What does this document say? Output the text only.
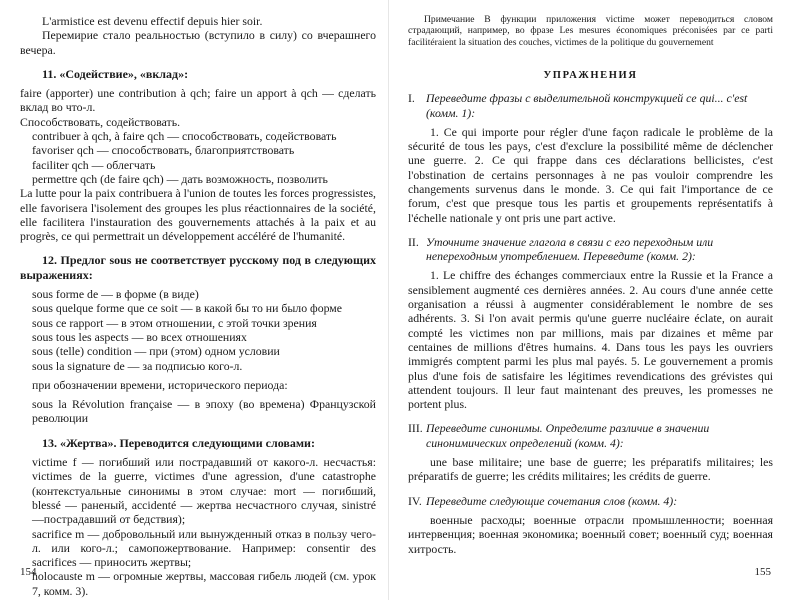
L'armistice est devenu effectif depuis hier soir.

Перемирие стало реальностью (вступило в силу) со вчерашнего вечера.

11. «Содействие», «вклад»:

faire (apporter) une contribution à qch; faire un apport à qch — сделать вклад во что-л.

Способствовать, содействовать.

contribuer à qch, à faire qch — способствовать, содействовать

favoriser qch — способствовать, благоприятствовать

faciliter qch — облегчать

permettre qch (de faire qch) — дать возможность, позволить

La lutte pour la paix contribuera à l'union de toutes les forces progressistes, elle favorisera l'isolement des groupes les plus réactionnaires de la société, elle facilitera l'instauration des gouvernements attachés à la paix et au progrès, ce qui permettrait un développement accéléré de l'humanité.

12. Предлог sous не соответствует русскому под в следующих выражениях:

sous forme de — в форме (в виде)

sous quelque forme que ce soit — в какой бы то ни было форме

sous ce rapport — в этом отношении, с этой точки зрения

sous tous les aspects — во всех отношениях

sous (telle) condition — при (этом) одном условии

sous la signature de — за подписью кого-л.

при обозначении времени, исторического периода:

sous la Révolution française — в эпоху (во времена) Французской революции

13. «Жертва». Переводится следующими словами:

victime f — погибший или пострадавший от какого-л. несчастья: victimes de la guerre, victimes d'une agression, d'une catastrophe (контекстуальные синонимы в этом случае: mort — погибший, blessé — раненый, accidenté — жертва несчастного случая, sinistré —пострадавший от бедствия);

sacrifice m — добровольный или вынужденный отказ в пользу чего-л. или кого-л.; самопожертвование. Например: consentir des sacrifices — приносить жертвы;

holocauste m — огромные жертвы, массовая гибель людей (см. урок 7, комм. 3).

154

Примечание В функции приложения victime может переводиться словом страдающий, например, во фразе Les mesures économiques préconisées par ce parti facilitéraient la situation des couches, victimes de la politique du gouvernement

УПРАЖНЕНИЯ

I. Переведите фразы с выделительной конструкцией ce qui... c'est (комм. 1):

1. Ce qui importe pour régler d'une façon radicale le problème de la sécurité de tous les pays, c'est d'exclure la possibilité même de déclencher une guerre. 2. Ce qui frappe dans ces déclarations bellicistes, c'est l'obstination de certains personnages à ne pas vouloir comprendre les changements survenus dans le monde. 3. Ce qui fait l'importance de ce forum, c'est que presque tous les partis et groupements représentatifs à l'échelle nationale y ont pris une part active.

II. Уточните значение глагола в связи с его переходным или непереходным употреблением. Переведите (комм. 2):

1. Le chiffre des échanges commerciaux entre la Russie et la France a sensiblement augmenté ces dernières années. 2. Au cours d'une année cette organisation a réussi à augmenter considérablement le nombre de ses adhérents. 3. Si l'on avait permis qu'une guerre nucléaire éclate, on aurait compté les victimes non par millions, mais par dizaines et même par centaines de millions d'êtres humains. 4. Dans tous les pays les ouvriers immigrés comptent parmi les plus mal payés. 5. Le gouvernement a promis plus d'une fois de satisfaire les légitimes revendications des grévistes qui attendent toujours. Il leur faut maintenant des preuves, les promesses ne portent plus.

III. Переведите синонимы. Определите различие в значении синонимических определений (комм. 4):

une base militaire; une base de guerre; les préparatifs militaires; les préparatifs de guerre; les crédits militaires; les crédits de guerre.

IV. Переведите следующие сочетания слов (комм. 4):

военные расходы; военные отрасли промышленности; военная интервенция; военная экономика; военный совет; военный суд; военная хитрость.

155
